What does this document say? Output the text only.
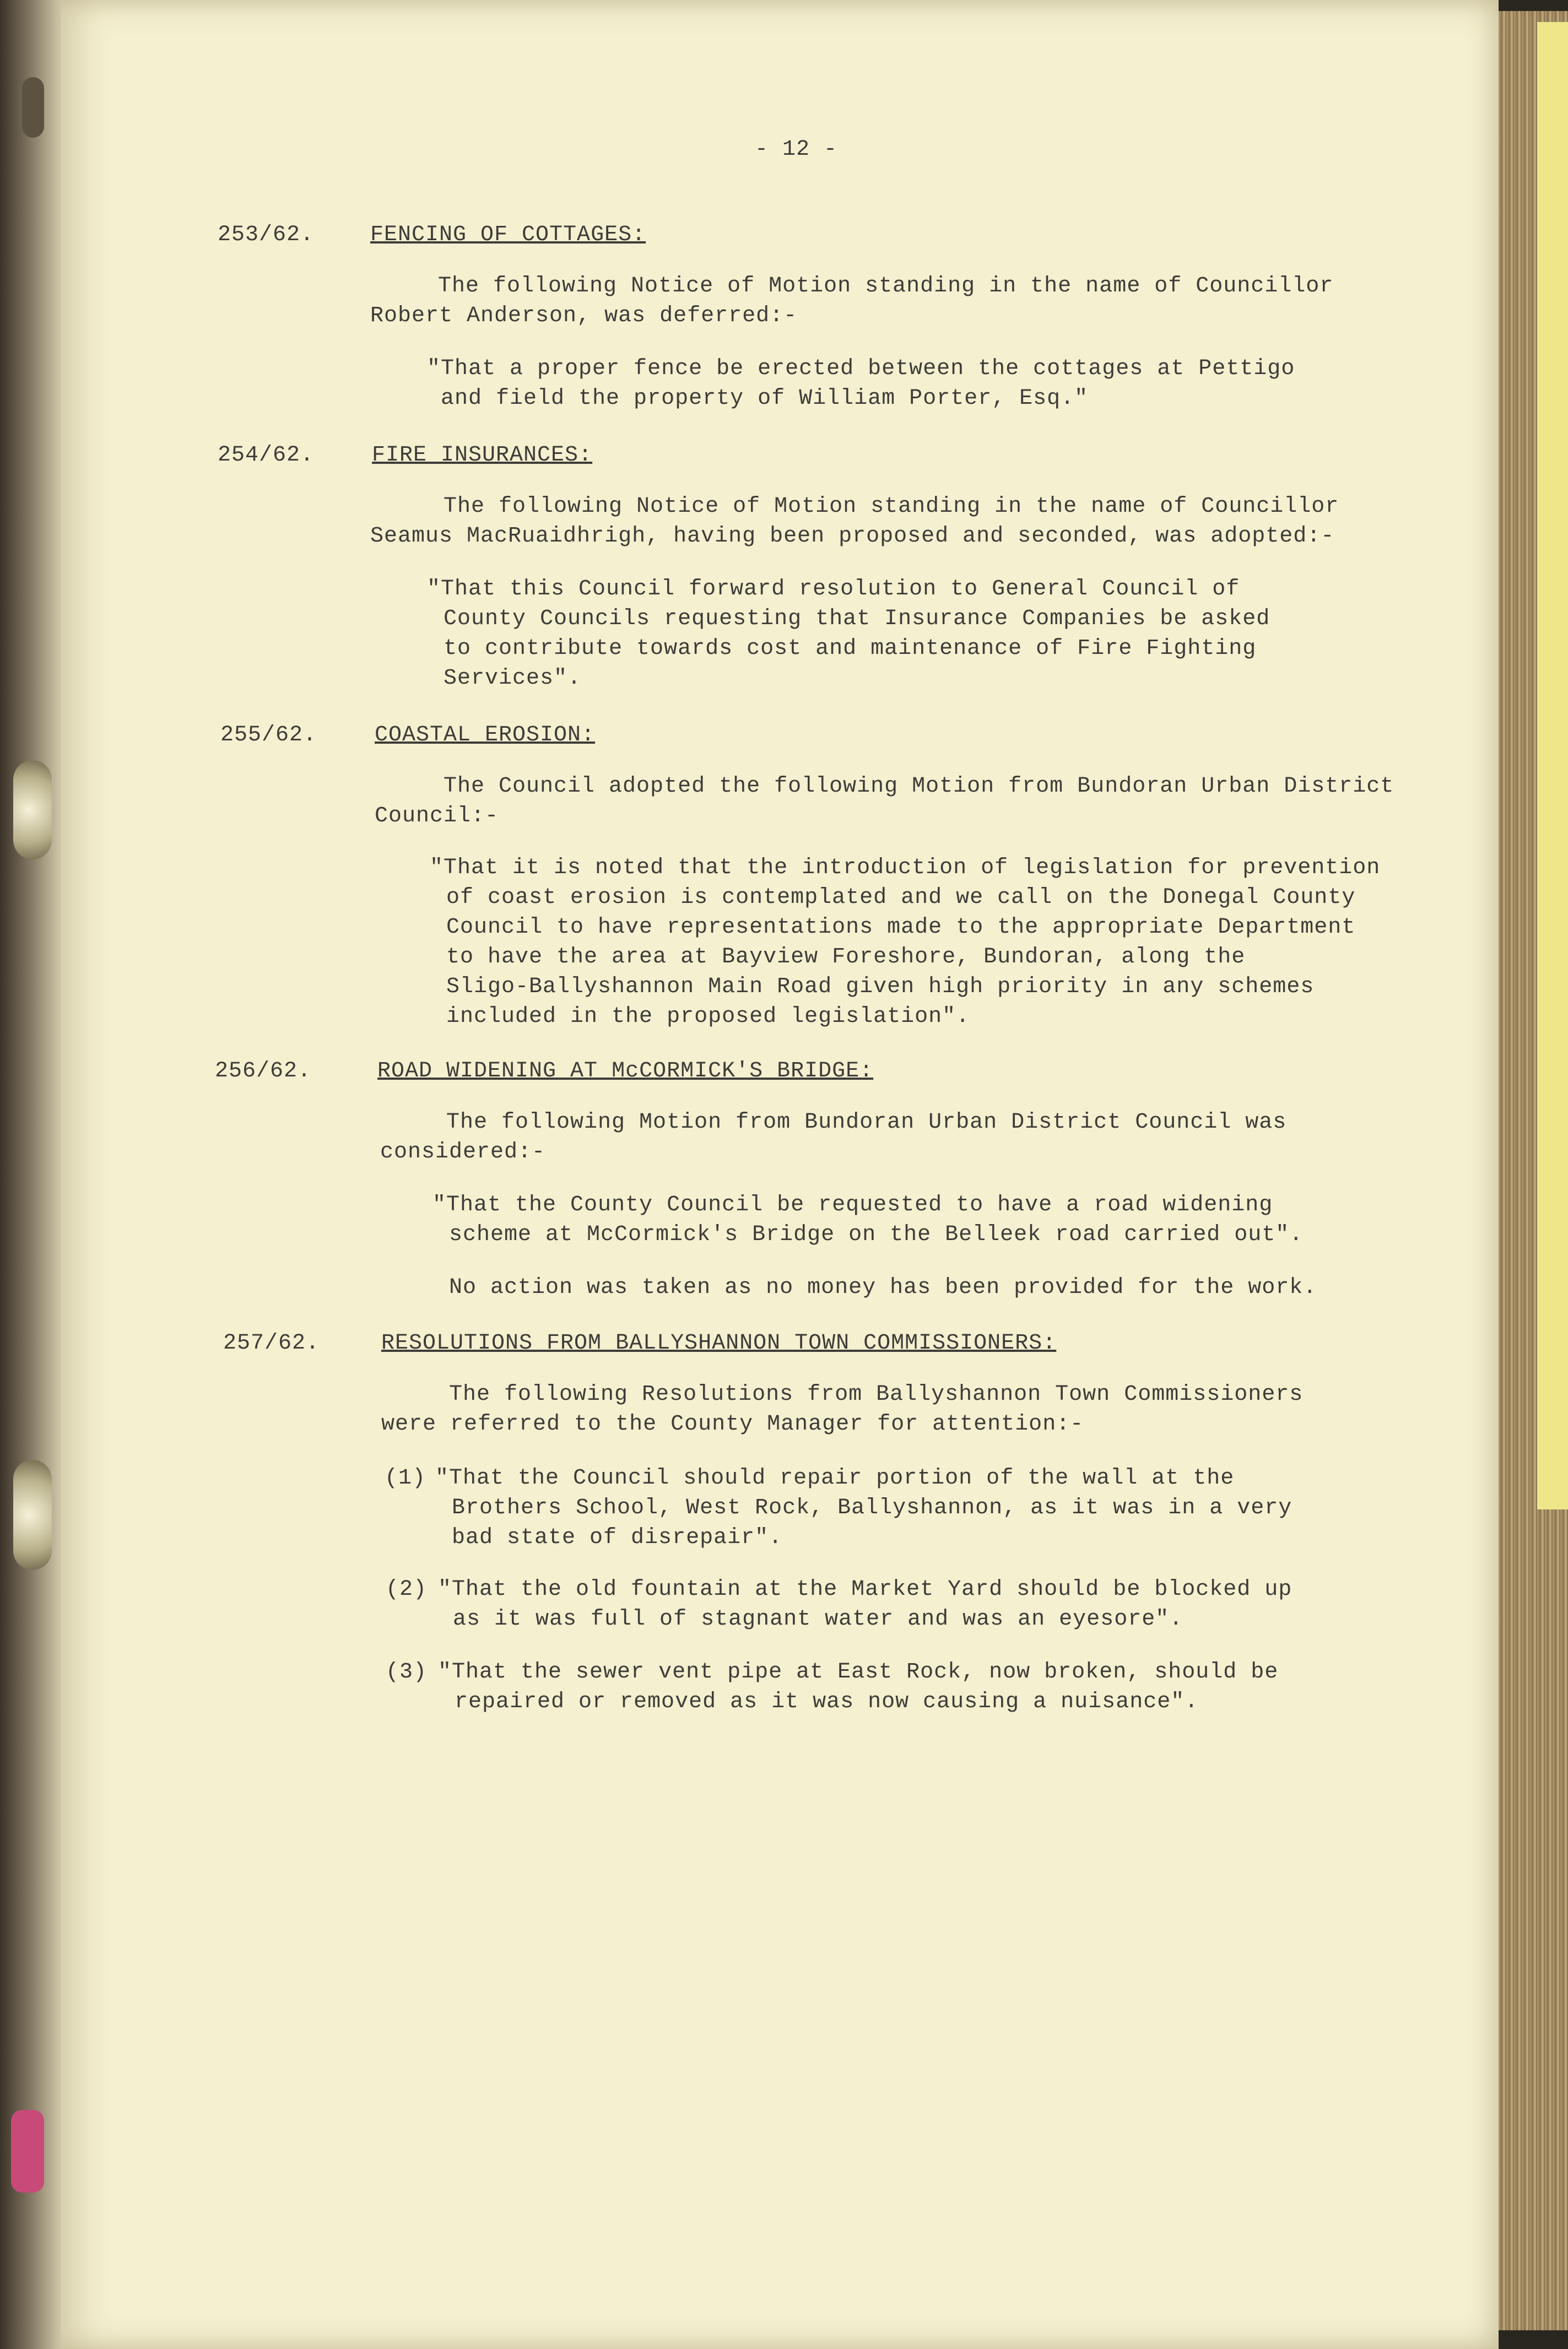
- 12 -
253/62.	FENCING OF COTTAGES:
The following Notice of Motion standing in the name of Councillor
Robert Anderson, was deferred:-
"That a proper fence be erected between the cottages at Pettigo
and field the property of William Porter, Esq."
254/62.	FIRE INSURANCES:
The following Notice of Motion standing in the name of Councillor
Seamus MacRuaidhrigh, having been proposed and seconded, was adopted:-
"That this Council forward resolution to General Council of
County Councils requesting that Insurance Companies be asked
to contribute towards cost and maintenance of Fire Fighting
Services".
255/62.	COASTAL EROSION:
The Council adopted the following Motion from Bundoran Urban District
Council:-
"That it is noted that the introduction of legislation for prevention
of coast erosion is contemplated and we call on the Donegal County
Council to have representations made to the appropriate Department
to have the area at Bayview Foreshore, Bundoran, along the
Sligo-Ballyshannon Main Road given high priority in any schemes
included in the proposed legislation".
256/62.	ROAD WIDENING AT McCORMICK'S BRIDGE:
The following Motion from Bundoran Urban District Council was
considered:-
"That the County Council be requested to have a road widening
scheme at McCormick's Bridge on the Belleek road carried out".
No action was taken as no money has been provided for the work.
257/62.	RESOLUTIONS FROM BALLYSHANNON TOWN COMMISSIONERS:
The following Resolutions from Ballyshannon Town Commissioners
were referred to the County Manager for attention:-
(1) "That the Council should repair portion of the wall at the
Brothers School, West Rock, Ballyshannon, as it was in a very
bad state of disrepair".
(2) "That the old fountain at the Market Yard should be blocked up
as it was full of stagnant water and was an eyesore".
(3) "That the sewer vent pipe at East Rock, now broken, should be
repaired or removed as it was now causing a nuisance".
